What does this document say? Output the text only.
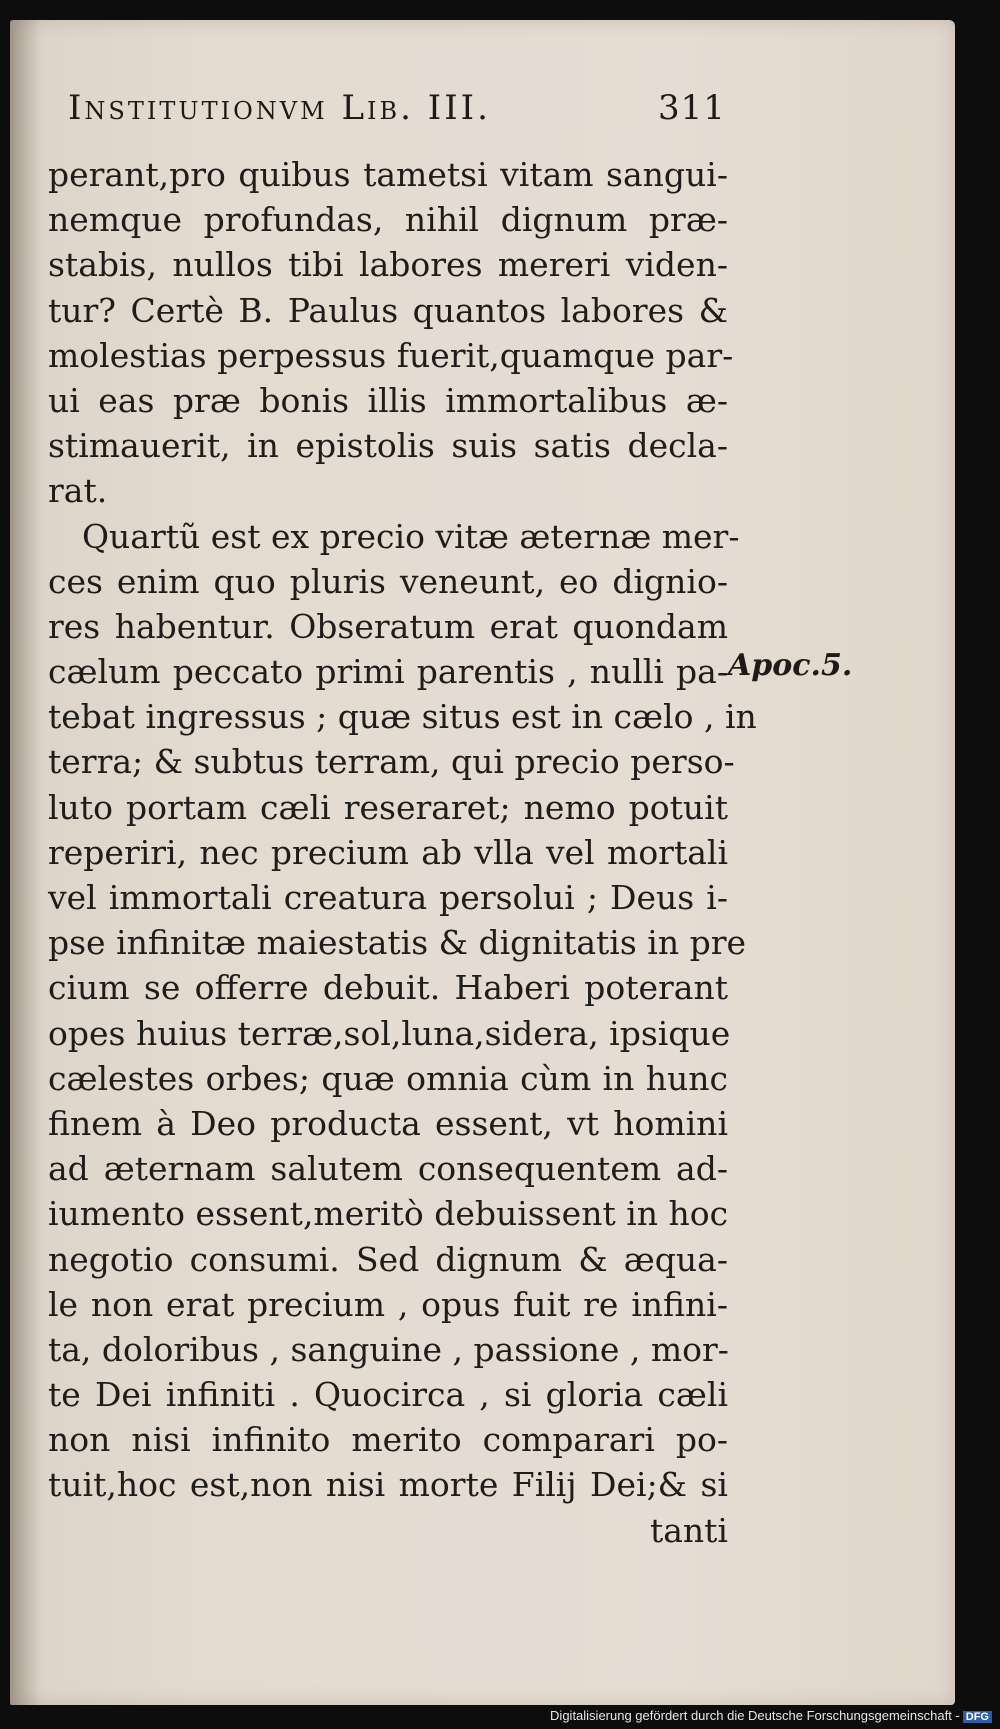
Institutionvm Lib. III.	311
perant,pro quibus tametsi vitam sangui-
nemque profundas, nihil dignum præ-
stabis, nullos tibi labores mereri viden-
tur? Certè B. Paulus quantos labores &
molestias perpessus fuerit,quamque par-
ui eas præ bonis illis immortalibus æ-
stimauerit, in epistolis suis satis decla-
rat.
Quartũ est ex precio vitæ æternæ mer-
ces enim quo pluris veneunt, eo dignio-
res habentur. Obseratum erat quondam
cælum peccato primi parentis , nulli pa-
tebat ingressus ; quæ situs est in cælo , in
terra; & subtus terram, qui precio perso-
luto portam cæli reseraret; nemo potuit
reperiri, nec precium ab vlla vel mortali
vel immortali creatura persolui ; Deus i-
pse infinitæ maiestatis & dignitatis in pre
cium se offerre debuit. Haberi poterant
opes huius terræ,sol,luna,sidera, ipsique
cælestes orbes; quæ omnia cùm in hunc
finem à Deo producta essent, vt homini
ad æternam salutem consequentem ad-
iumento essent,meritò debuissent in hoc
negotio consumi. Sed dignum & æqua-
le non erat precium , opus fuit re infini-
ta, doloribus , sanguine , passione , mor-
te Dei infiniti . Quocirca , si gloria cæli
non nisi infinito merito comparari po-
tuit,hoc est,non nisi morte Filij Dei;& si
tanti
Apoc.5.
Digitalisierung gefördert durch die Deutsche Forschungsgemeinschaft - DFG
